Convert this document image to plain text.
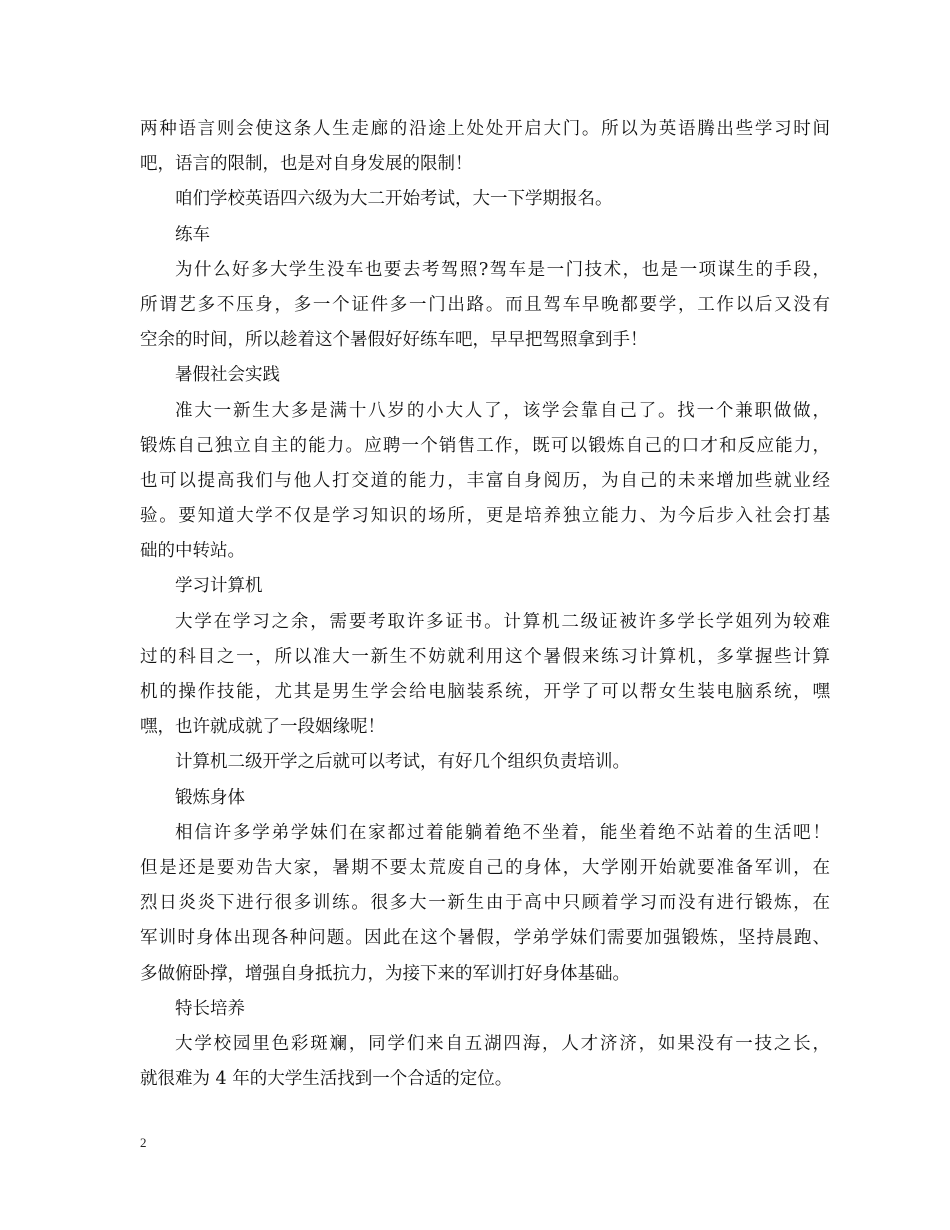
两种语言则会使这条人生走廊的沿途上处处开启大门。所以为英语腾出些学习时间
吧，语言的限制，也是对自身发展的限制！
咱们学校英语四六级为大二开始考试，大一下学期报名。
练车
为什么好多大学生没车也要去考驾照?驾车是一门技术，也是一项谋生的手段，
所谓艺多不压身，多一个证件多一门出路。而且驾车早晚都要学，工作以后又没有
空余的时间，所以趁着这个暑假好好练车吧，早早把驾照拿到手！
暑假社会实践
准大一新生大多是满十八岁的小大人了，该学会靠自己了。找一个兼职做做，
锻炼自己独立自主的能力。应聘一个销售工作，既可以锻炼自己的口才和反应能力，
也可以提高我们与他人打交道的能力，丰富自身阅历，为自己的未来增加些就业经
验。要知道大学不仅是学习知识的场所，更是培养独立能力、为今后步入社会打基
础的中转站。
学习计算机
大学在学习之余，需要考取许多证书。计算机二级证被许多学长学姐列为较难
过的科目之一，所以准大一新生不妨就利用这个暑假来练习计算机，多掌握些计算
机的操作技能，尤其是男生学会给电脑装系统，开学了可以帮女生装电脑系统，嘿
嘿，也许就成就了一段姻缘呢！
计算机二级开学之后就可以考试，有好几个组织负责培训。
锻炼身体
相信许多学弟学妹们在家都过着能躺着绝不坐着，能坐着绝不站着的生活吧！
但是还是要劝告大家，暑期不要太荒废自己的身体，大学刚开始就要准备军训，在
烈日炎炎下进行很多训练。很多大一新生由于高中只顾着学习而没有进行锻炼，在
军训时身体出现各种问题。因此在这个暑假，学弟学妹们需要加强锻炼，坚持晨跑、
多做俯卧撑，增强自身抵抗力，为接下来的军训打好身体基础。
特长培养
大学校园里色彩斑斓，同学们来自五湖四海，人才济济，如果没有一技之长，
就很难为 4 年的大学生活找到一个合适的定位。
2
